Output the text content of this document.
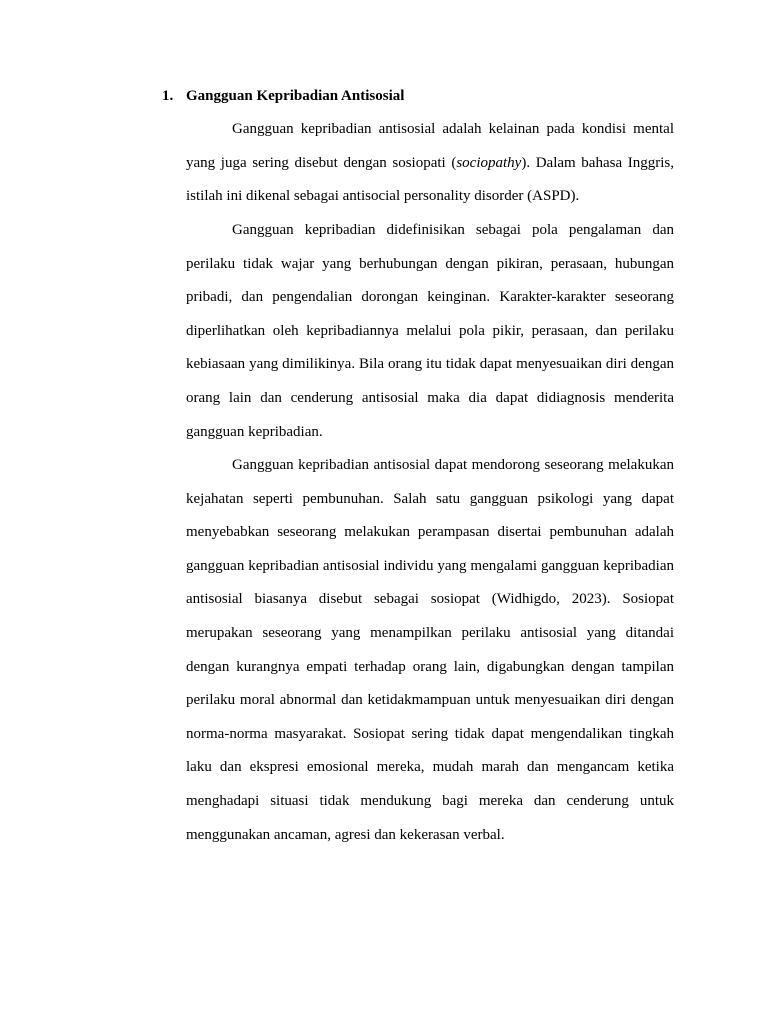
1. Gangguan Kepribadian Antisosial

Gangguan kepribadian antisosial adalah kelainan pada kondisi mental yang juga sering disebut dengan sosiopati (sociopathy). Dalam bahasa Inggris, istilah ini dikenal sebagai antisocial personality disorder (ASPD).

Gangguan kepribadian didefinisikan sebagai pola pengalaman dan perilaku tidak wajar yang berhubungan dengan pikiran, perasaan, hubungan pribadi, dan pengendalian dorongan keinginan. Karakter-karakter seseorang diperlihatkan oleh kepribadiannya melalui pola pikir, perasaan, dan perilaku kebiasaan yang dimilikinya. Bila orang itu tidak dapat menyesuaikan diri dengan orang lain dan cenderung antisosial maka dia dapat didiagnosis menderita gangguan kepribadian.

Gangguan kepribadian antisosial dapat mendorong seseorang melakukan kejahatan seperti pembunuhan. Salah satu gangguan psikologi yang dapat menyebabkan seseorang melakukan perampasan disertai pembunuhan adalah gangguan kepribadian antisosial individu yang mengalami gangguan kepribadian antisosial biasanya disebut sebagai sosiopat (Widhigdo, 2023). Sosiopat merupakan seseorang yang menampilkan perilaku antisosial yang ditandai dengan kurangnya empati terhadap orang lain, digabungkan dengan tampilan perilaku moral abnormal dan ketidakmampuan untuk menyesuaikan diri dengan norma-norma masyarakat. Sosiopat sering tidak dapat mengendalikan tingkah laku dan ekspresi emosional mereka, mudah marah dan mengancam ketika menghadapi situasi tidak mendukung bagi mereka dan cenderung untuk menggunakan ancaman, agresi dan kekerasan verbal.
